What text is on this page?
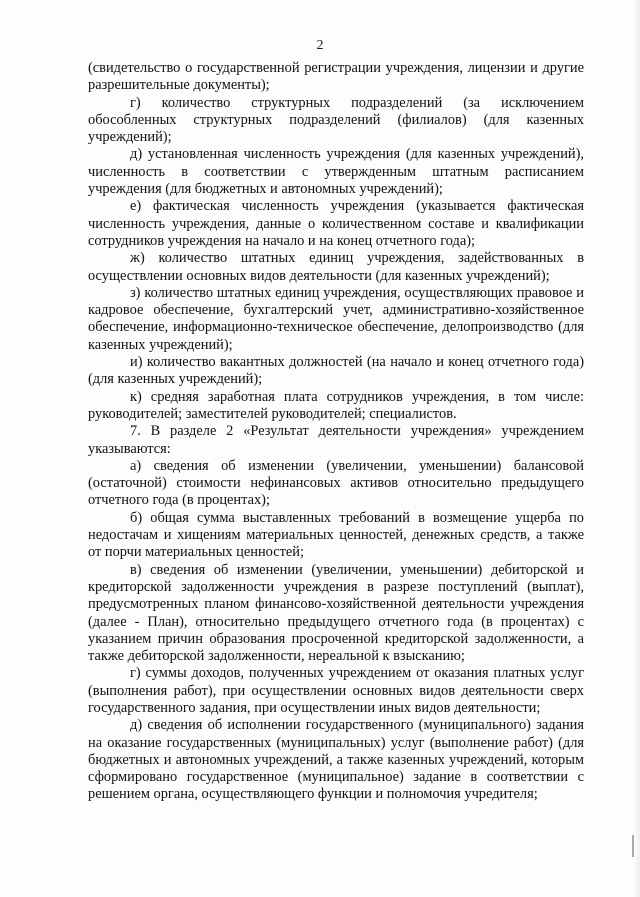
2

(свидетельство о государственной регистрации учреждения, лицензии и другие разрешительные документы);

г) количество структурных подразделений (за исключением обособленных структурных подразделений (филиалов) (для казенных учреждений);

д) установленная численность учреждения (для казенных учреждений), численность в соответствии с утвержденным штатным расписанием учреждения (для бюджетных и автономных учреждений);

е) фактическая численность учреждения (указывается фактическая численность учреждения, данные о количественном составе и квалификации сотрудников учреждения на начало и на конец отчетного года);

ж) количество штатных единиц учреждения, задействованных в осуществлении основных видов деятельности (для казенных учреждений);

з) количество штатных единиц учреждения, осуществляющих правовое и кадровое обеспечение, бухгалтерский учет, административно-хозяйственное обеспечение, информационно-техническое обеспечение, делопроизводство (для казенных учреждений);

и) количество вакантных должностей (на начало и конец отчетного года) (для казенных учреждений);

к) средняя заработная плата сотрудников учреждения, в том числе: руководителей; заместителей руководителей; специалистов.

7. В разделе 2 «Результат деятельности учреждения» учреждением указываются:

а) сведения об изменении (увеличении, уменьшении) балансовой (остаточной) стоимости нефинансовых активов относительно предыдущего отчетного года (в процентах);

б) общая сумма выставленных требований в возмещение ущерба по недостачам и хищениям материальных ценностей, денежных средств, а также от порчи материальных ценностей;

в) сведения об изменении (увеличении, уменьшении) дебиторской и кредиторской задолженности учреждения в разрезе поступлений (выплат), предусмотренных планом финансово-хозяйственной деятельности учреждения (далее - План), относительно предыдущего отчетного года (в процентах) с указанием причин образования просроченной кредиторской задолженности, а также дебиторской задолженности, нереальной к взысканию;

г) суммы доходов, полученных учреждением от оказания платных услуг (выполнения работ), при осуществлении основных видов деятельности сверх государственного задания, при осуществлении иных видов деятельности;

д) сведения об исполнении государственного (муниципального) задания на оказание государственных (муниципальных) услуг (выполнение работ) (для бюджетных и автономных учреждений, а также казенных учреждений, которым сформировано государственное (муниципальное) задание в соответствии с решением органа, осуществляющего функции и полномочия учредителя;
